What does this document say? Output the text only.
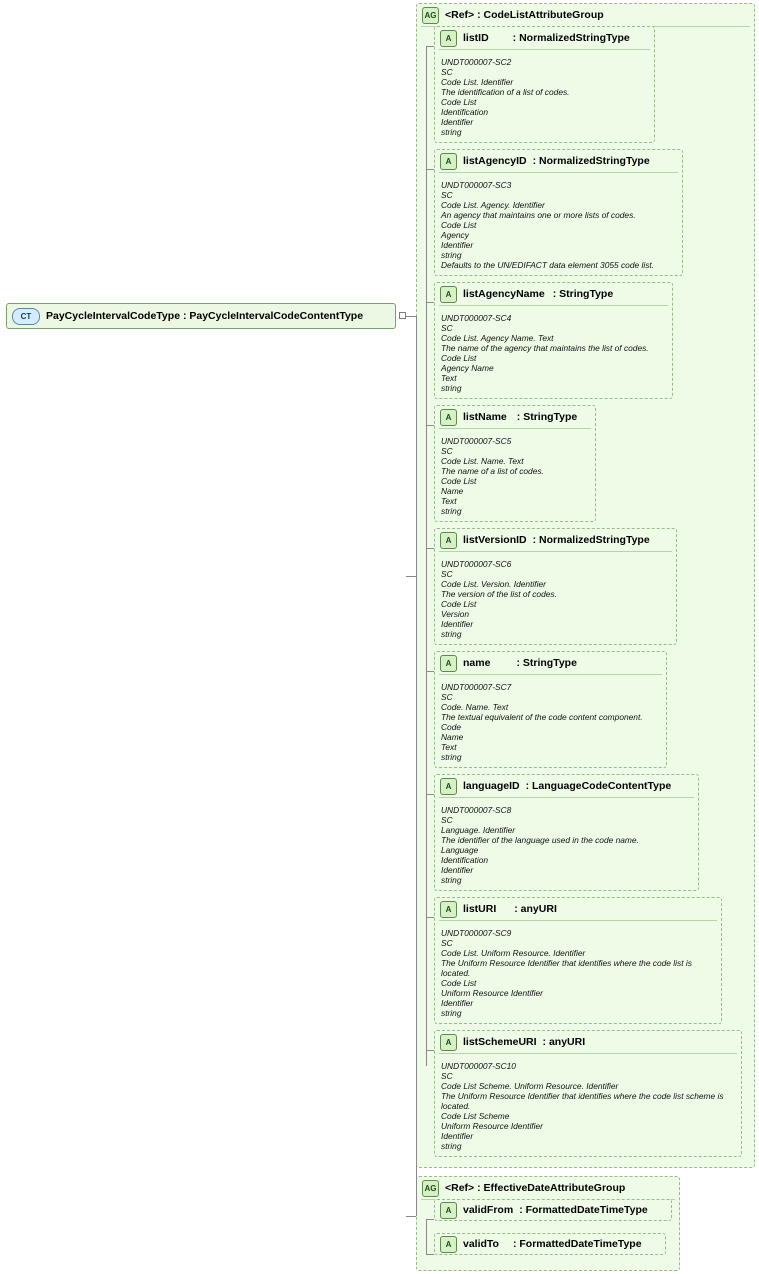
CT	PayCycleIntervalCodeType : PayCycleIntervalCodeContentType
AG <Ref> : CodeListAttributeGroup
A	listID : NormalizedStringType
UNDT000007-SC2
SC
Code List. Identifier
The identification of a list of codes.
Code List
Identification
Identifier
string
A	listAgencyID : NormalizedStringType
UNDT000007-SC3
SC
Code List. Agency. Identifier
An agency that maintains one or more lists of codes.
Code List
Agency
Identifier
string
Defaults to the UN/EDIFACT data element 3055 code list.
A	listAgencyName : StringType
UNDT000007-SC4
SC
Code List. Agency Name. Text
The name of the agency that maintains the list of codes.
Code List
Agency Name
Text
string
A	listName : StringType
UNDT000007-SC5
SC
Code List. Name. Text
The name of a list of codes.
Code List
Name
Text
string
A	listVersionID : NormalizedStringType
UNDT000007-SC6
SC
Code List. Version. Identifier
The version of the list of codes.
Code List
Version
Identifier
string
A	name : StringType
UNDT000007-SC7
SC
Code. Name. Text
The textual equivalent of the code content component.
Code
Name
Text
string
A	languageID : LanguageCodeContentType
UNDT000007-SC8
SC
Language. Identifier
The identifier of the language used in the code name.
Language
Identification
Identifier
string
A	listURI : anyURI
UNDT000007-SC9
SC
Code List. Uniform Resource. Identifier
The Uniform Resource Identifier that identifies where the code list is located.
Code List
Uniform Resource Identifier
Identifier
string
A	listSchemeURI : anyURI
UNDT000007-SC10
SC
Code List Scheme. Uniform Resource. Identifier
The Uniform Resource Identifier that identifies where the code list scheme is located.
Code List Scheme
Uniform Resource Identifier
Identifier
string
AG <Ref> : EffectiveDateAttributeGroup
A	validFrom : FormattedDateTimeType
A	validTo : FormattedDateTimeType
